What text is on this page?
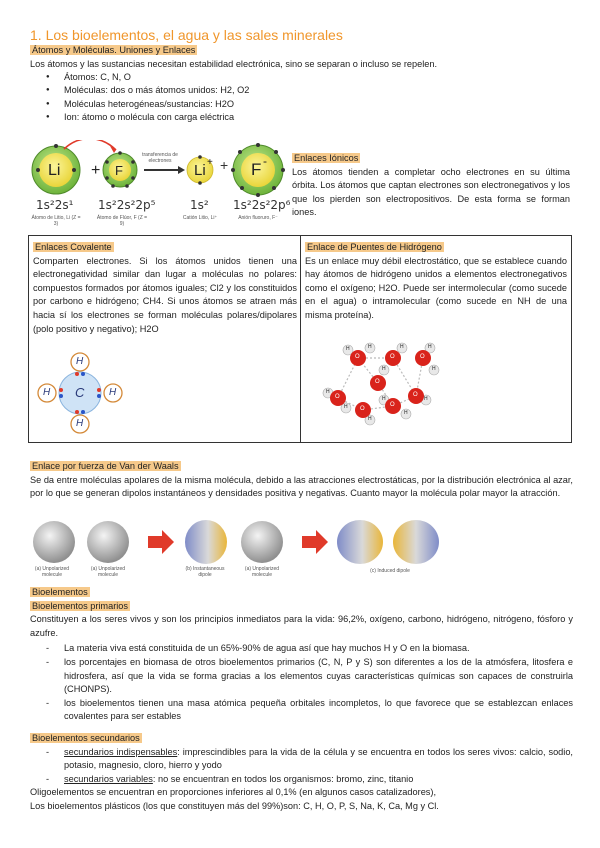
1. Los bioelementos, el agua y las sales minerales

Átomos y Moléculas. Uniones y Enlaces

Los átomos y las sustancias necesitan estabilidad electrónica, sino se separan o incluso se repelen.

● Átomos: C, N, O
● Moléculas: dos o más átomos unidos: H2, O2
● Moléculas heterogéneas/sustancias: H2O
● Ion: átomo o molécula con carga eléctrica
+
Li + F	Li + F -
transferencia de electrones
1s²2s¹ 1s²2s²2p⁵	1s² 1s²2s²2p⁶
Átomo de Litio, Li (Z = 3)
Átomo de Flúor, F (Z = 9)
Catión Litio, Li⁺	Anión fluoruro, F⁻

Enlaces Iónicos

Los átomos tienden a completar ocho electrones en su última órbita. Los átomos que captan electrones son electronegativos y los que los pierden son electropositivos. De esta forma se forman iones.

Enlaces Covalente

Comparten electrones. Si los átomos unidos tienen una electronegatividad similar dan lugar a moléculas no polares: compuestos formados por átomos iguales; Cl2 y los constituidos por carbono e hidrógeno; CH4. Si unos átomos se atraen más hacia sí los electrones se forman moléculas polares/dipolares (polo positivo y negativo); H2O

C
H
H
H	H

Enlace de Puentes de Hidrógeno

Es un enlace muy débil electrostático, que se establece cuando hay átomos de hidrógeno unidos a elementos electronegativos como el oxígeno; H2O. Puede ser intermolecular (como sucede en el agua) o intramolecular (como sucede en NH de una misma proteína).

O
O
O
O
O	O	O
O
H
H
H
H
H	H
H
H	H
H
H
H

Enlace por fuerza de Van der Waals

Se da entre moléculas apolares de la misma molécula, debido a las atracciones electrostáticas, por la distribución electrónica al azar, por lo que se generan dipolos instantáneos y densidades positiva y negativas. Cuanto mayor la molécula polar mayor la atracción.

(a) Unpolarized molecule
(a) Unpolarized molecule
(b) Instantaneous dipole
(a) Unpolarized molecule
(c) Induced dipole

Bioelementos

Bioelementos primarios

Constituyen a los seres vivos y son los principios inmediatos para la vida: 96,2%, oxígeno, carbono, hidrógeno, nitrógeno, fósforo y azufre.

- La materia viva está constituida de un 65%-90% de agua así que hay muchos H y O en la biomasa.
- los porcentajes en biomasa de otros bioelementos primarios (C, N, P y S) son diferentes a los de la atmósfera, litosfera e hidrosfera, así que la vida se forma gracias a los elementos cuyas características químicas son capaces de construirla (CHONPS).
- los bioelementos tienen una masa atómica pequeña orbitales incompletos, lo que favorece que se establezcan enlaces covalentes para ser estables

Bioelementos secundarios

- secundarios indispensables: imprescindibles para la vida de la célula y se encuentra en todos los seres vivos: calcio, sodio, potasio, magnesio, cloro, hierro y yodo
- secundarios variables: no se encuentran en todos los organismos: bromo, zinc, titanio

Oligoelementos se encuentran en proporciones inferiores al 0,1% (en algunos casos catalizadores),

Los bioelementos plásticos (los que constituyen más del 99%)son: C, H, O, P, S, Na, K, Ca, Mg y Cl.
